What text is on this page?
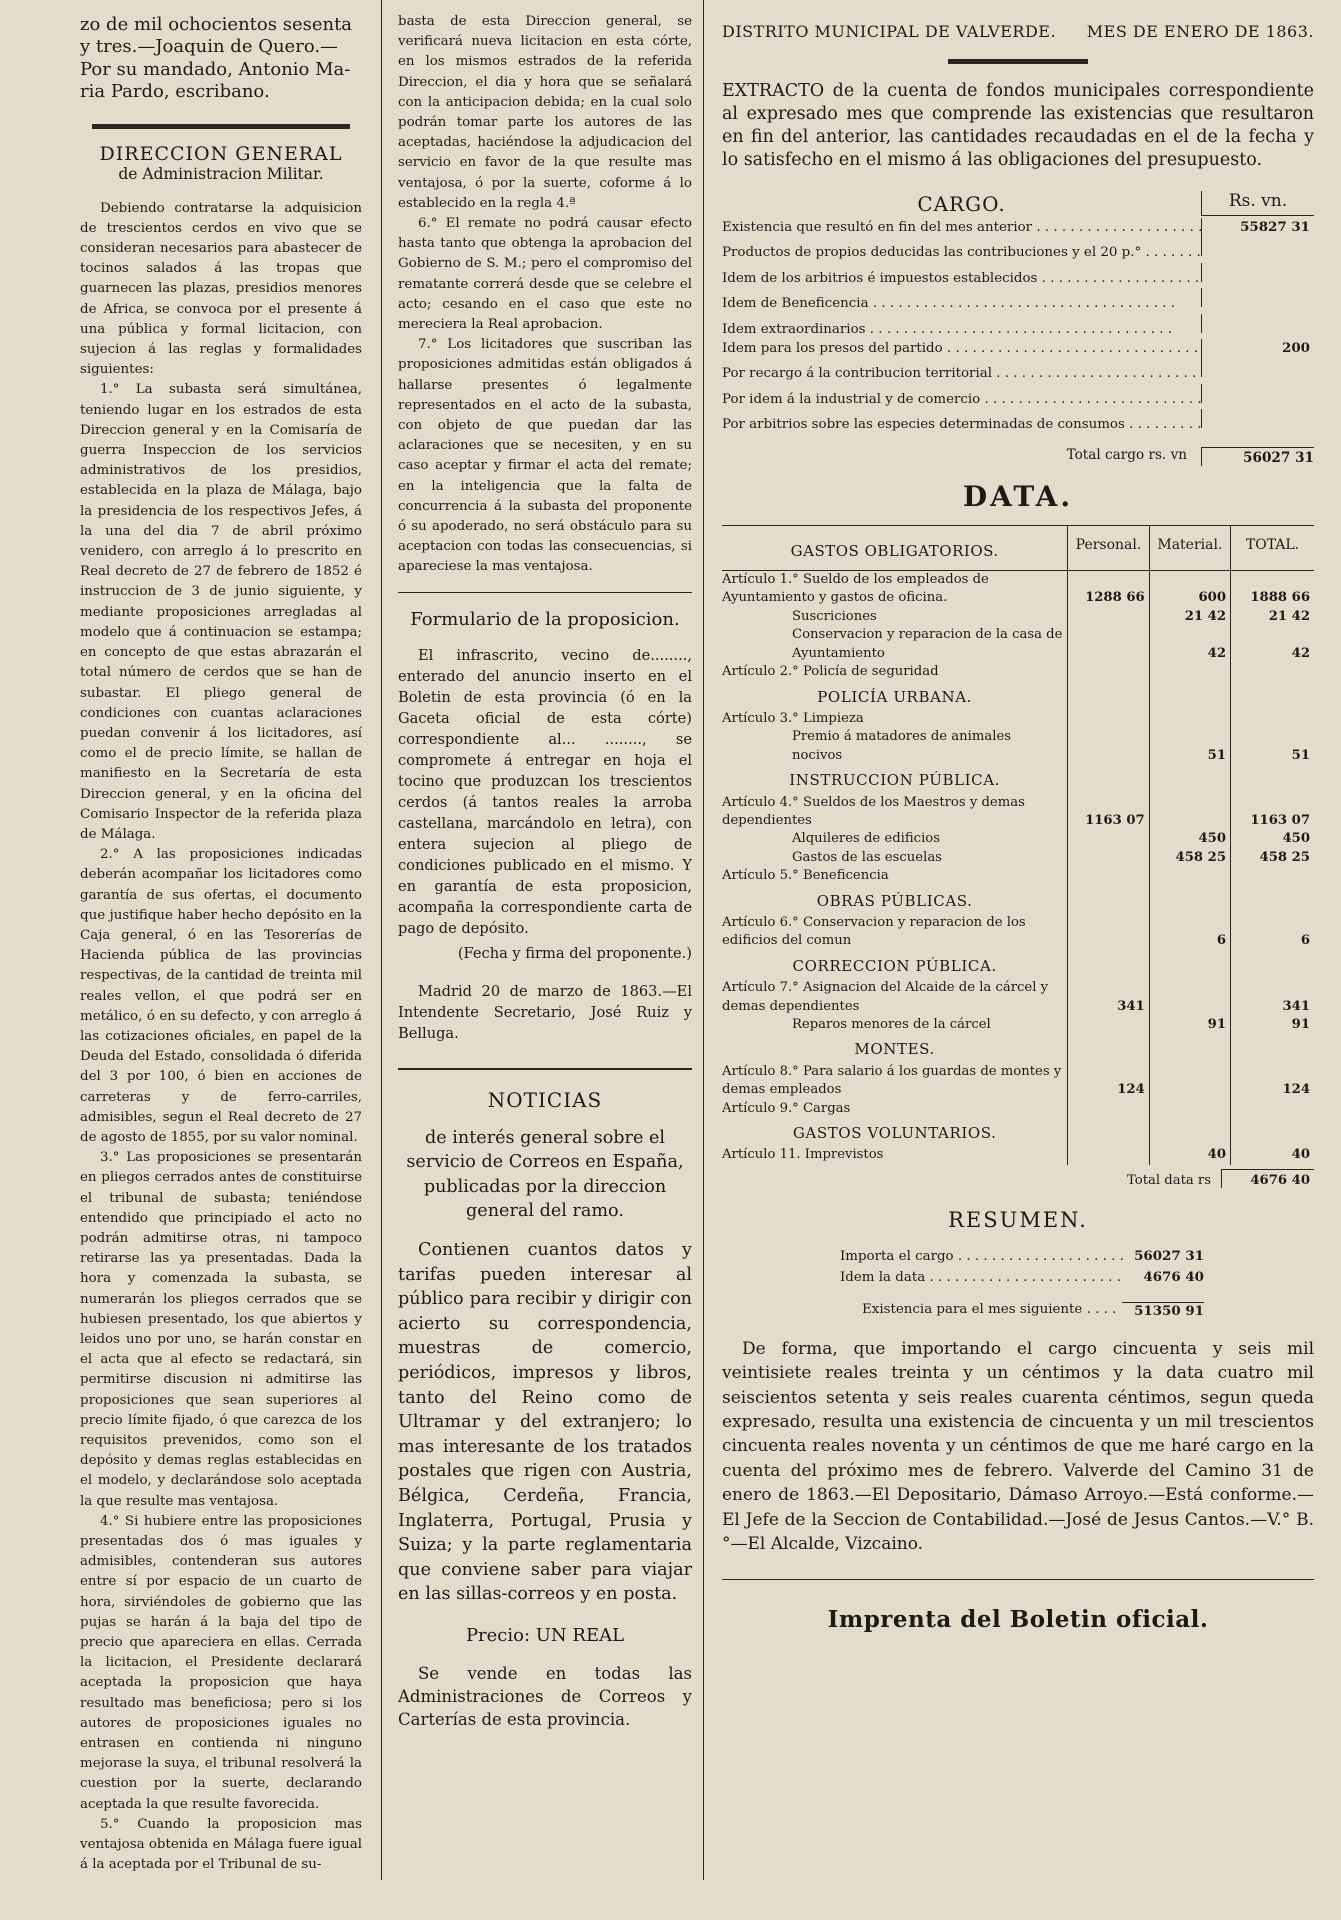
zo de mil ochocientos sesenta

y tres.—Joaquin de Quero.—

Por su mandado, Antonio Ma-

ria Pardo, escribano.

DIRECCION GENERAL
de Administracion Militar.

Debiendo contratarse la adquisicion de trescientos cerdos en vivo que se consideran necesarios para abastecer de tocinos salados á las tropas que guarnecen las plazas, presidios menores de Africa, se convoca por el presente á una pública y formal licitacion, con sujecion á las reglas y formalidades siguientes:

1.° La subasta será simultánea, teniendo lugar en los estrados de esta Direccion general y en la Comisaría de guerra Inspeccion de los servicios administrativos de los presidios, establecida en la plaza de Málaga, bajo la presidencia de los respectivos Jefes, á la una del dia 7 de abril próximo venidero, con arreglo á lo prescrito en Real decreto de 27 de febrero de 1852 é instruccion de 3 de junio siguiente, y mediante proposiciones arregladas al modelo que á continuacion se estampa; en concepto de que estas abrazarán el total número de cerdos que se han de subastar. El pliego general de condiciones con cuantas aclaraciones puedan convenir á los licitadores, así como el de precio límite, se hallan de manifiesto en la Secretaría de esta Direccion general, y en la oficina del Comisario Inspector de la referida plaza de Málaga.

2.° A las proposiciones indicadas deberán acompañar los licitadores como garantía de sus ofertas, el documento que justifique haber hecho depósito en la Caja general, ó en las Tesorerías de Hacienda pública de las provincias respectivas, de la cantidad de treinta mil reales vellon, el que podrá ser en metálico, ó en su defecto, y con arreglo á las cotizaciones oficiales, en papel de la Deuda del Estado, consolidada ó diferida del 3 por 100, ó bien en acciones de carreteras y de ferro-carriles, admisibles, segun el Real decreto de 27 de agosto de 1855, por su valor nominal.

3.° Las proposiciones se presentarán en pliegos cerrados antes de constituirse el tribunal de subasta; teniéndose entendido que principiado el acto no podrán admitirse otras, ni tampoco retirarse las ya presentadas. Dada la hora y comenzada la subasta, se numerarán los pliegos cerrados que se hubiesen presentado, los que abiertos y leidos uno por uno, se harán constar en el acta que al efecto se redactará, sin permitirse discusion ni admitirse las proposiciones que sean superiores al precio límite fijado, ó que carezca de los requisitos prevenidos, como son el depósito y demas reglas establecidas en el modelo, y declarándose solo aceptada la que resulte mas ventajosa.

4.° Si hubiere entre las proposiciones presentadas dos ó mas iguales y admisibles, contenderan sus autores entre sí por espacio de un cuarto de hora, sirviéndoles de gobierno que las pujas se harán á la baja del tipo de precio que apareciera en ellas. Cerrada la licitacion, el Presidente declarará aceptada la proposicion que haya resultado mas beneficiosa; pero si los autores de proposiciones iguales no entrasen en contienda ni ninguno mejorase la suya, el tribunal resolverá la cuestion por la suerte, declarando aceptada la que resulte favorecida.

5.° Cuando la proposicion mas ventajosa obtenida en Málaga fuere igual á la aceptada por el Tribunal de su-

basta de esta Direccion general, se verificará nueva licitacion en esta córte, en los mismos estrados de la referida Direccion, el dia y hora que se señalará con la anticipacion debida; en la cual solo podrán tomar parte los autores de las aceptadas, haciéndose la adjudicacion del servicio en favor de la que resulte mas ventajosa, ó por la suerte, coforme á lo establecido en la regla 4.ª

6.° El remate no podrá causar efecto hasta tanto que obtenga la aprobacion del Gobierno de S. M.; pero el compromiso del rematante correrá desde que se celebre el acto; cesando en el caso que este no mereciera la Real aprobacion.

7.° Los licitadores que suscriban las proposiciones admitidas están obligados á hallarse presentes ó legalmente representados en el acto de la subasta, con objeto de que puedan dar las aclaraciones que se necesiten, y en su caso aceptar y firmar el acta del remate; en la inteligencia que la falta de concurrencia á la subasta del proponente ó su apoderado, no será obstáculo para su aceptacion con todas las consecuencias, si apareciese la mas ventajosa.

Formulario de la proposicion.

El infrascrito, vecino de........, enterado del anuncio inserto en el Boletin de esta provincia (ó en la Gaceta oficial de esta córte) correspondiente al... ........, se compromete á entregar en hoja el tocino que produzcan los trescientos cerdos (á tantos reales la arroba castellana, marcándolo en letra), con entera sujecion al pliego de condiciones publicado en el mismo. Y en garantía de esta proposicion, acompaña la correspondiente carta de pago de depósito.

(Fecha y firma del proponente.)

Madrid 20 de marzo de 1863.—El Intendente Secretario, José Ruiz y Belluga.

NOTICIAS

de interés general sobre el servicio de Correos en España, publicadas por la direccion general del ramo.

Contienen cuantos datos y tarifas pueden interesar al público para recibir y dirigir con acierto su correspondencia, muestras de comercio, periódicos, impresos y libros, tanto del Reino como de Ultramar y del extranjero; lo mas interesante de los tratados postales que rigen con Austria, Bélgica, Cerdeña, Francia, Inglaterra, Portugal, Prusia y Suiza; y la parte reglamentaria que conviene saber para viajar en las sillas-correos y en posta.

Precio: UN REAL

Se vende en todas las Administraciones de Correos y Carterías de esta provincia.

DISTRITO MUNICIPAL DE VALVERDE. MES DE ENERO DE 1863.

EXTRACTO de la cuenta de fondos municipales correspondiente al expresado mes que comprende las existencias que resultaron en fin del anterior, las cantidades recaudadas en el de la fecha y lo satisfecho en el mismo á las obligaciones del presupuesto.

CARGO.	Rs. vn.
Existencia que resultó en fin del mes anterior . . .	55827 31
Productos de propios deducidas las contribuciones y el 20 p.° . . .
Idem de los arbitrios é impuestos establecidos . . .
Idem de Beneficencia . . .
Idem extraordinarios . . .
Idem para los presos del partido . . .	200
Por recargo á la contribucion territorial . . .
Por idem á la industrial y de comercio . . .
Por arbitrios sobre las especies determinadas de consumos . . .
Total cargo rs. vn	56027 31
DATA.
GASTOS OBLIGATORIOS.	Personal.	Material.	TOTAL.
Artículo 1.° Sueldo de los empleados de Ayuntamiento y gastos de oficina.	1288 66	600	1888 66
Suscriciones		21 42	21 42
Conservacion y reparacion de la casa de Ayuntamiento		42	42
Artículo 2.° Policía de seguridad			
POLICÍA URBANA.			
Artículo 3.° Limpieza			
Premio á matadores de animales nocivos		51	51
INSTRUCCION PÚBLICA.			
Artículo 4.° Sueldos de los Maestros y demas dependientes	1163 07		1163 07
Alquileres de edificios		450	450
Gastos de las escuelas		458 25	458 25
Artículo 5.° Beneficencia			
OBRAS PÚBLICAS.			
Artículo 6.° Conservacion y reparacion de los edificios del comun		6	6
CORRECCION PÚBLICA.			
Artículo 7.° Asignacion del Alcaide de la cárcel y demas dependientes	341		341
Reparos menores de la cárcel		91	91
MONTES.			
Artículo 8.° Para salario á los guardas de montes y demas empleados	124		124
Artículo 9.° Cargas			
GASTOS VOLUNTARIOS.			
Artículo 11. Imprevistos		40	40
Total data rs	4676 40
RESUMEN.
Importa el cargo . . .	56027 31
Idem la data . . .	4676 40
Existencia para el mes siguiente . . .	51350 91

De forma, que importando el cargo cincuenta y seis mil veintisiete reales treinta y un céntimos y la data cuatro mil seiscientos setenta y seis reales cuarenta céntimos, segun queda expresado, resulta una existencia de cincuenta y un mil trescientos cincuenta reales noventa y un céntimos de que me haré cargo en la cuenta del próximo mes de febrero. Valverde del Camino 31 de enero de 1863.—El Depositario, Dámaso Arroyo.—Está conforme.—El Jefe de la Seccion de Contabilidad.—José de Jesus Cantos.—V.° B.°—El Alcalde, Vizcaino.

Imprenta del Boletin oficial.
